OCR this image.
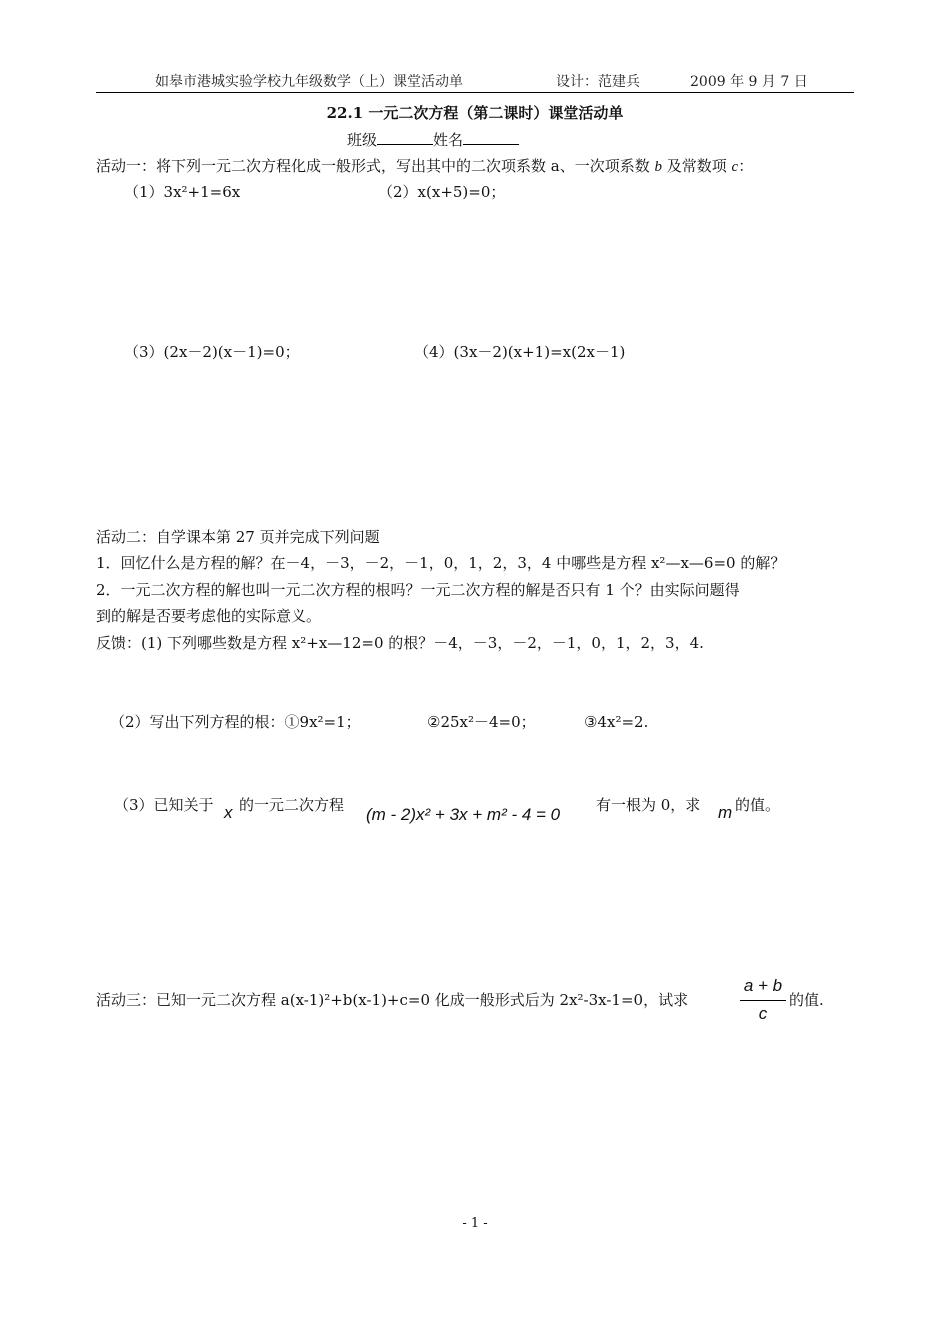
如皋市港城实验学校九年级数学（上）课堂活动单	设计：范建兵	2009 年 9 月 7 日
22.1 一元二次方程（第二课时）课堂活动单
班级	姓名
活动一：将下列一元二次方程化成一般形式，写出其中的二次项系数 a、一次项系数 b 及常数项 c：
（1）3x²+1=6x	（2）x(x+5)=0；
（3）(2x－2)(x－1)=0；	（4）(3x－2)(x+1)=x(2x－1)
活动二：自学课本第 27 页并完成下列问题
1．回忆什么是方程的解？在－4，－3，－2，－1，0，1，2，3，4 中哪些是方程 x²—x—6=0 的解？
2．一元二次方程的解也叫一元二次方程的根吗？一元二次方程的解是否只有 1 个？由实际问题得
到的解是否要考虑他的实际意义。
反馈：(1) 下列哪些数是方程 x²+x—12=0 的根？－4，－3，－2，－1，0，1，2，3，4.
（2）写出下列方程的根：①9x²=1；	②25x²－4=0；	③4x²=2.
（3）已知关于 x 的一元二次方程 (m - 2)x² + 3x + m² - 4 = 0 有一根为 0，求 m 的值。
活动三：已知一元二次方程 a(x-1)²+b(x-1)+c=0 化成一般形式后为 2x²-3x-1=0，试求
a + b
c
的值.
- 1 -
